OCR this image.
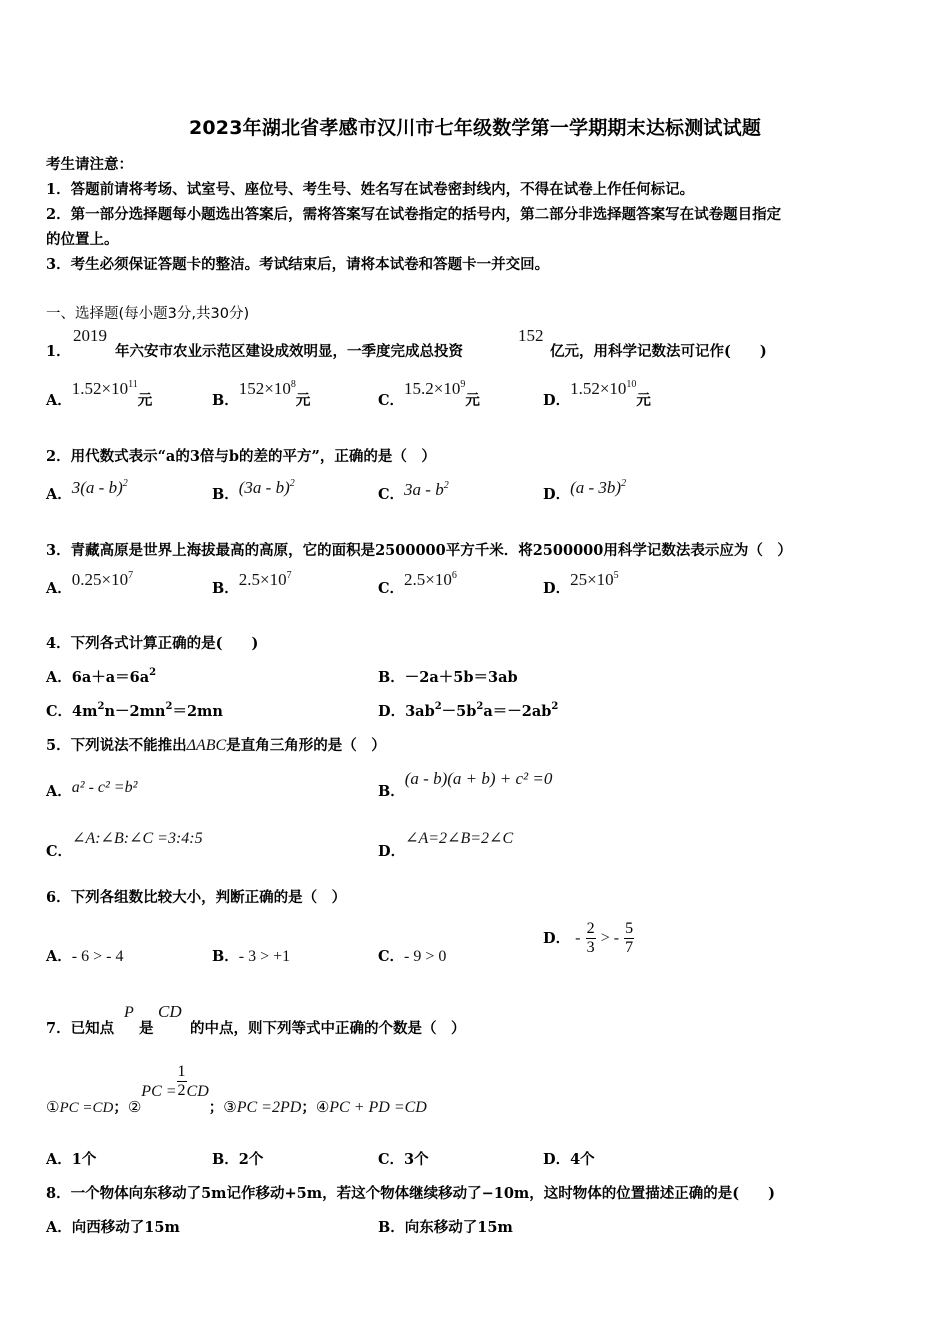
2023年湖北省孝感市汉川市七年级数学第一学期期末达标测试试题
考生请注意：
1．答题前请将考场、试室号、座位号、考生号、姓名写在试卷密封线内，不得在试卷上作任何标记。
2．第一部分选择题每小题选出答案后，需将答案写在试卷指定的括号内，第二部分非选择题答案写在试卷题目指定
的位置上。
3．考生必须保证答题卡的整洁。考试结束后，请将本试卷和答题卡一并交回。
一、选择题(每小题3分,共30分)
1．
2019
年六安市农业示范区建设成效明显，一季度完成总投资
152
亿元，用科学记数法可记作(　　)
A．$1.52\times 10^{11}$元	B．$152\times 10^8$元	C．$15.2\times 10^9$元	D．$1.52\times 10^{10}$元
2．用代数式表示“a的3倍与b的差的平方”，正确的是（　）
A．3(a - b)$^2$
B．(3a - b)$^2$
C．$3a - b^2$
D．(a - 3b)$^2$
3．青藏高原是世界上海拔最高的高原，它的面积是2500000平方千米．将2500000用科学记数法表示应为（　）
A．$0.25\times 10^7$
B．$2.5\times 10^7$
C．$2.5\times 10^6$
D．$25\times 10^5$
4．下列各式计算正确的是(　　)
A．$6a+a=6a^2$	B．－2a＋5b＝3ab
C．$4m^2n-2mn^2=2mn$	D．$3ab^2-5b^2a=-2ab^2$
5．下列说法不能推出ΔABC是直角三角形的是（　）
A．a² - c² =b²	B．(a - b)(a + b) + c² =0
C．∠A:∠B:∠C =3:4:5
D．∠A=2∠B=2∠C
6．下列各组数比较大小，判断正确的是（　）
A．- 6 > - 4	B．- 3 > +1	C．- 9 > 0
D． - $\frac{2}{3}$ > - $\frac{5}{7}$
7．已知点
P
是
CD
的中点，则下列等式中正确的个数是（　）
①PC =CD；②PC = $\frac{1}{2}$ CD；③PC =2PD；④PC + PD =CD
A．1个	B．2个	C．3个	D．4个
8．一个物体向东移动了5m记作移动+5m，若这个物体继续移动了−10m，这时物体的位置描述正确的是(　　)
A．向西移动了15m	B．向东移动了15m
